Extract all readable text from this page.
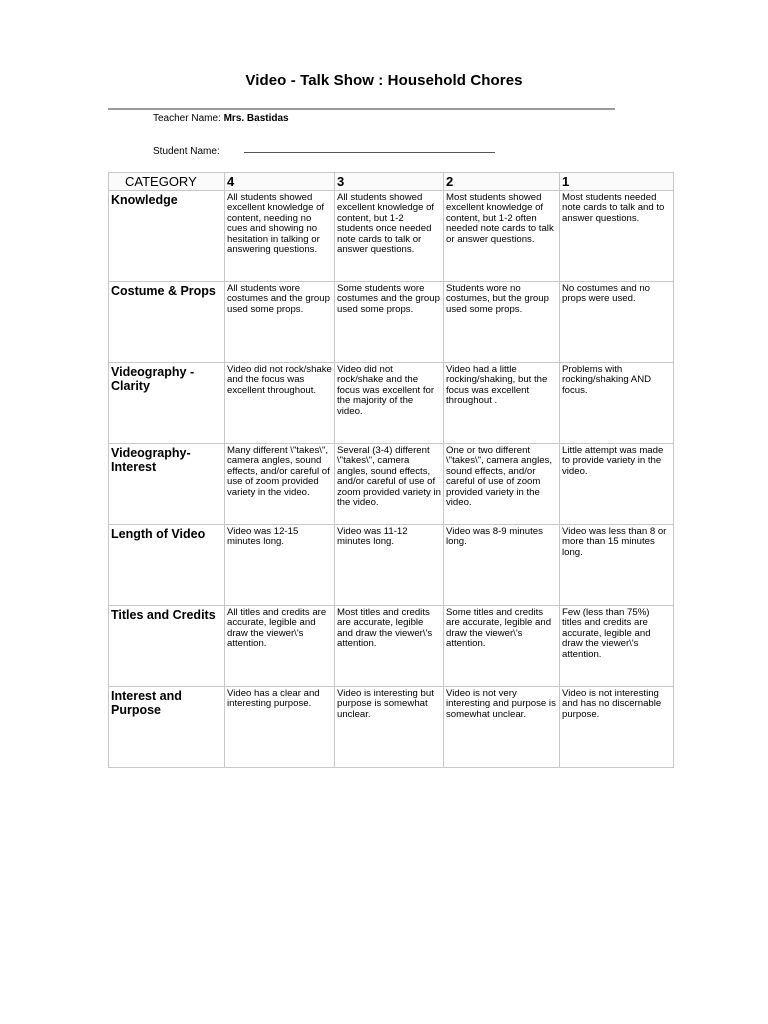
Video - Talk Show : Household Chores
Teacher Name: Mrs. Bastidas
Student Name:
CATEGORY	4	3	2	1
Knowledge	All students showed excellent knowledge of content, needing no cues and showing no hesitation in talking or answering questions.	All students showed excellent knowledge of content, but 1-2 students once needed note cards to talk or answer questions.	Most students showed excellent knowledge of content, but 1-2 often needed note cards to talk or answer questions.	Most students needed note cards to talk and to answer questions.
Costume & Props	All students wore costumes and the group used some props.	Some students wore costumes and the group used some props.	Students wore no costumes, but the group used some props.	No costumes and no props were used.
Videography - Clarity	Video did not rock/shake and the focus was excellent throughout.	Video did not rock/shake and the focus was excellent for the majority of the video.	Video had a little rocking/shaking, but the focus was excellent throughout .	Problems with rocking/shaking AND focus.
Videography- Interest	Many different \"takes\", camera angles, sound effects, and/or careful of use of zoom provided variety in the video.	Several (3-4) different \"takes\", camera angles, sound effects, and/or careful of use of zoom provided variety in the video.	One or two different \"takes\", camera angles, sound effects, and/or careful of use of zoom provided variety in the video.	Little attempt was made to provide variety in the video.
Length of Video	Video was 12-15 minutes long.	Video was 11-12 minutes long.	Video was 8-9 minutes long.	Video was less than 8 or more than 15 minutes long.
Titles and Credits	All titles and credits are accurate, legible and draw the viewer\'s attention.	Most titles and credits are accurate, legible and draw the viewer\'s attention.	Some titles and credits are accurate, legible and draw the viewer\'s attention.	Few (less than 75%) titles and credits are accurate, legible and draw the viewer\'s attention.
Interest and Purpose	Video has a clear and interesting purpose.	Video is interesting but purpose is somewhat unclear.	Video is not very interesting and purpose is somewhat unclear.	Video is not interesting and has no discernable purpose.
